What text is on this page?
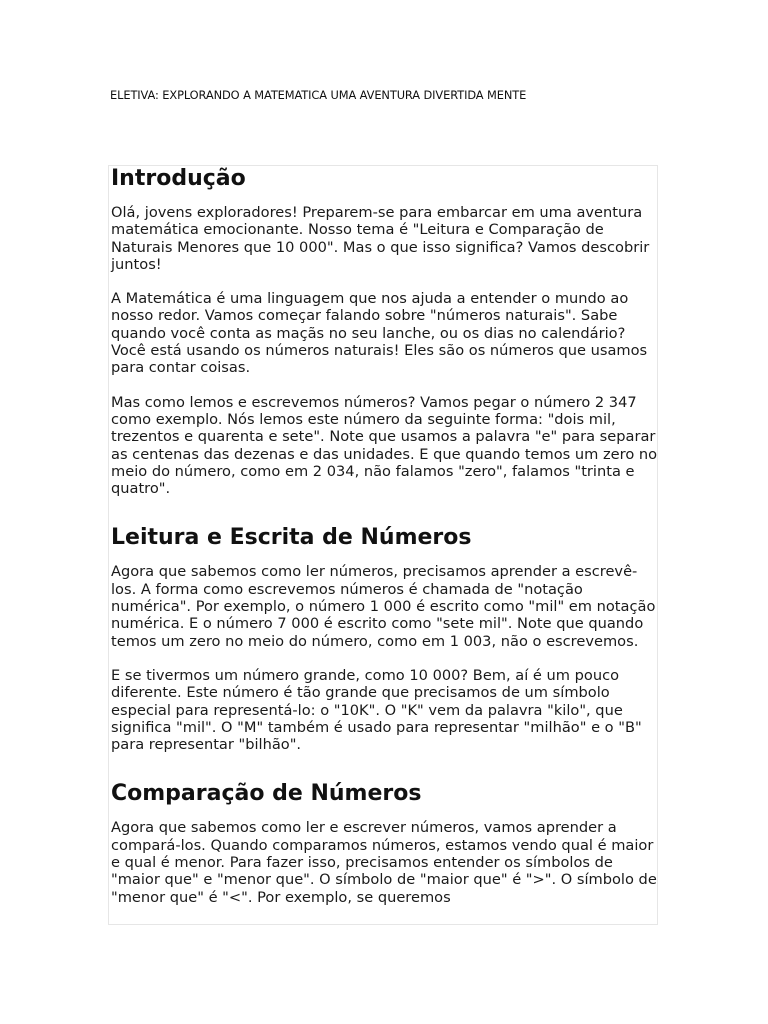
ELETIVA: EXPLORANDO A MATEMATICA UMA AVENTURA DIVERTIDA MENTE
Introdução

Olá, jovens exploradores! Preparem-se para embarcar em uma aventura matemática emocionante. Nosso tema é "Leitura e Comparação de Naturais Menores que 10 000". Mas o que isso significa? Vamos descobrir juntos!

A Matemática é uma linguagem que nos ajuda a entender o mundo ao nosso redor. Vamos começar falando sobre "números naturais". Sabe quando você conta as maçãs no seu lanche, ou os dias no calendário? Você está usando os números naturais! Eles são os números que usamos para contar coisas.

Mas como lemos e escrevemos números? Vamos pegar o número 2 347 como exemplo. Nós lemos este número da seguinte forma: "dois mil, trezentos e quarenta e sete". Note que usamos a palavra "e" para separar as centenas das dezenas e das unidades. E que quando temos um zero no meio do número, como em 2 034, não falamos "zero", falamos "trinta e quatro".

Leitura e Escrita de Números

Agora que sabemos como ler números, precisamos aprender a escrevê-los. A forma como escrevemos números é chamada de "notação numérica". Por exemplo, o número 1 000 é escrito como "mil" em notação numérica. E o número 7 000 é escrito como "sete mil". Note que quando temos um zero no meio do número, como em 1 003, não o escrevemos.

E se tivermos um número grande, como 10 000? Bem, aí é um pouco diferente. Este número é tão grande que precisamos de um símbolo especial para representá-lo: o "10K". O "K" vem da palavra "kilo", que significa "mil". O "M" também é usado para representar "milhão" e o "B" para representar "bilhão".

Comparação de Números

Agora que sabemos como ler e escrever números, vamos aprender a compará-los. Quando comparamos números, estamos vendo qual é maior e qual é menor. Para fazer isso, precisamos entender os símbolos de "maior que" e "menor que". O símbolo de "maior que" é ">". O símbolo de "menor que" é "<". Por exemplo, se queremos
